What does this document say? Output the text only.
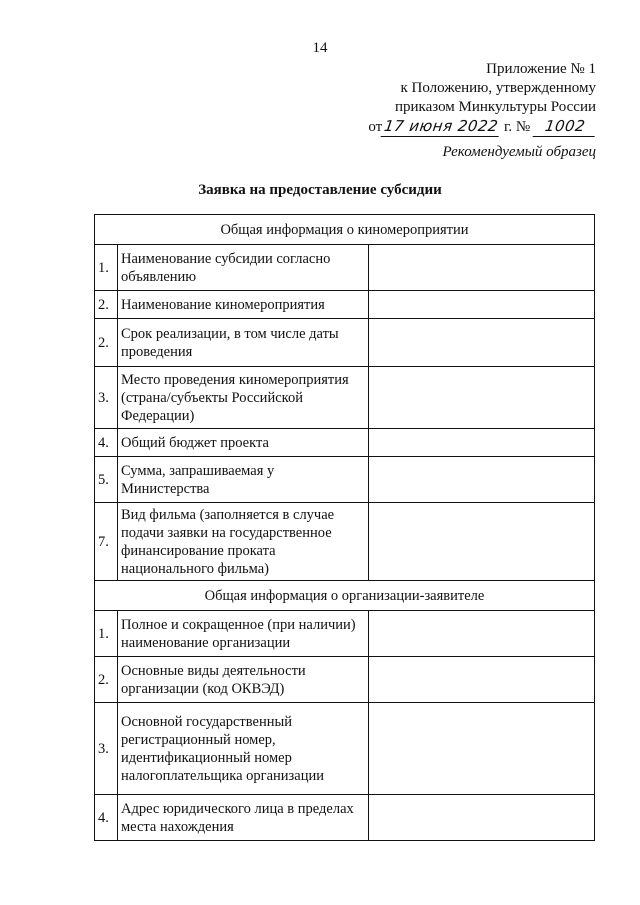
14
Приложение № 1
к Положению, утвержденному
приказом Минкультуры России
от17 июня 2022 г. № 1002
Рекомендуемый образец
Заявка на предоставление субсидии
Общая информация о киномероприятии		
1.	Наименование субсидии согласно объявлению	
2.	Наименование киномероприятия	
2.	Срок реализации, в том числе даты проведения	
3.	Место проведения киномероприятия (страна/субъекты Российской Федерации)	
4.	Общий бюджет проекта	
5.	Сумма, запрашиваемая у Министерства	
7.	Вид фильма (заполняется в случае подачи заявки на государственное финансирование проката национального фильма)	
Общая информация о организации-заявителе		
1.	Полное и сокращенное (при наличии) наименование организации	
2.	Основные виды деятельности организации (код ОКВЭД)	
3.	Основной государственный регистрационный номер, идентификационный номер налогоплательщика организации	
4.	Адрес юридического лица в пределах места нахождения	
